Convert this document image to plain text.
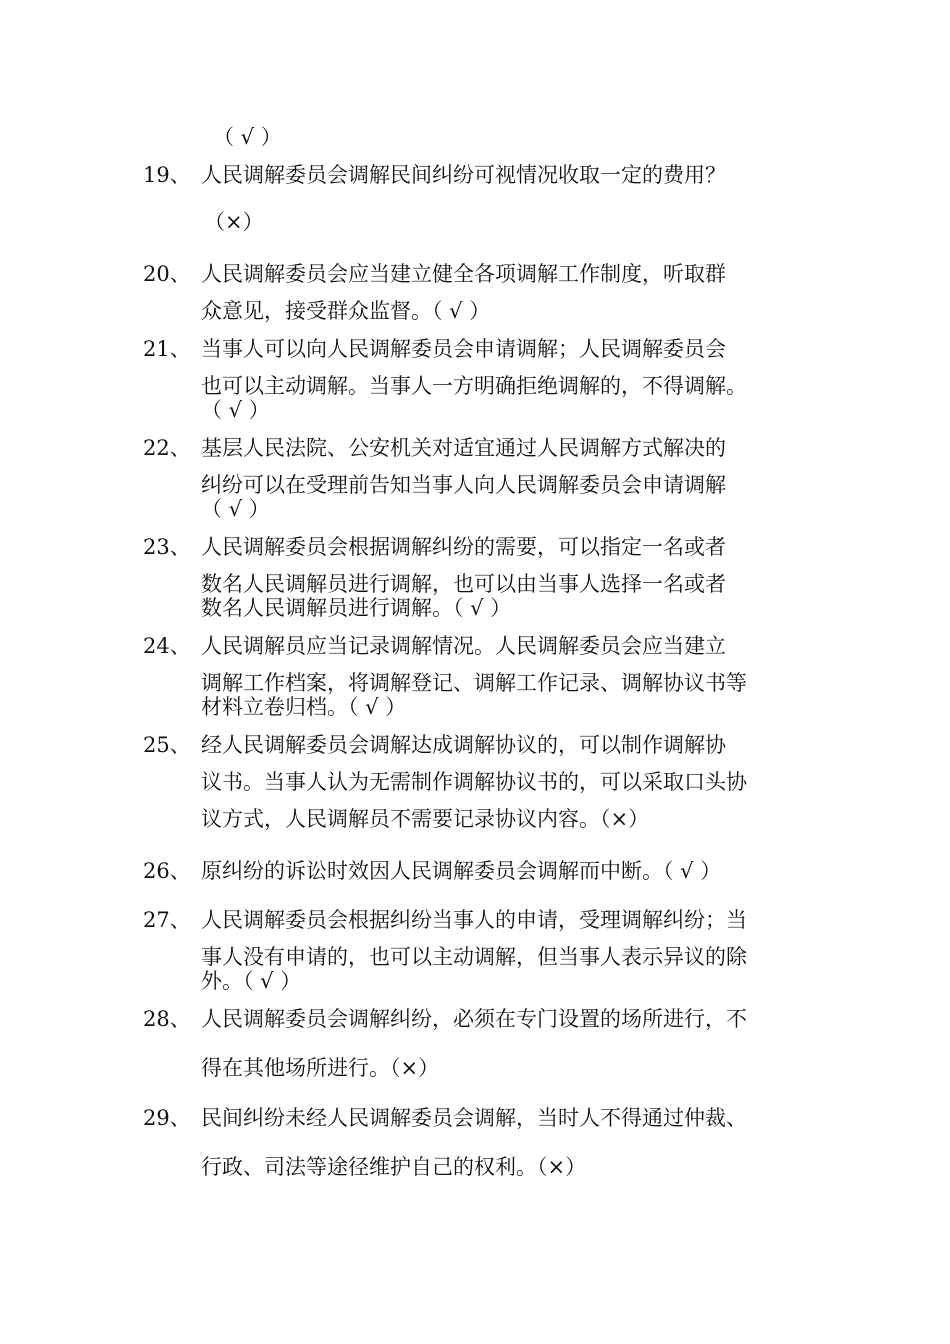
（ √ ）
19、 人民调解委员会调解民间纠纷可视情况收取一定的费用？
（×）
20、 人民调解委员会应当建立健全各项调解工作制度，听取群
众意见，接受群众监督。（ √ ）
21、 当事人可以向人民调解委员会申请调解；人民调解委员会
也可以主动调解。当事人一方明确拒绝调解的，不得调解。
（ √ ）
22、 基层人民法院、公安机关对适宜通过人民调解方式解决的
纠纷可以在受理前告知当事人向人民调解委员会申请调解
（ √ ）
23、 人民调解委员会根据调解纠纷的需要，可以指定一名或者
数名人民调解员进行调解，也可以由当事人选择一名或者
数名人民调解员进行调解。（ √ ）
24、 人民调解员应当记录调解情况。人民调解委员会应当建立
调解工作档案，将调解登记、调解工作记录、调解协议书等
材料立卷归档。（ √ ）
25、 经人民调解委员会调解达成调解协议的，可以制作调解协
议书。当事人认为无需制作调解协议书的，可以采取口头协
议方式，人民调解员不需要记录协议内容。（×）
26、 原纠纷的诉讼时效因人民调解委员会调解而中断。（ √ ）
27、 人民调解委员会根据纠纷当事人的申请，受理调解纠纷；当
事人没有申请的，也可以主动调解，但当事人表示异议的除
外。（ √ ）
28、 人民调解委员会调解纠纷，必须在专门设置的场所进行，不
得在其他场所进行。（×）
29、 民间纠纷未经人民调解委员会调解，当时人不得通过仲裁、
行政、司法等途径维护自己的权利。（×）
